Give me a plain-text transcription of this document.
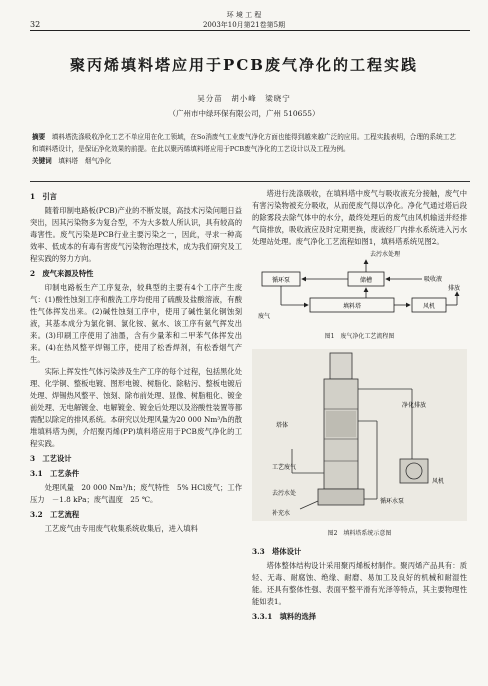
32
环 境 工 程
2003年10月第21卷第5期
聚丙烯填料塔应用于PCB废气净化的工程实践
吴分苗　胡小峰　梁晓宁
（广州市中绿环保有限公司，广州 510655）

摘要　 填料塔洗涤吸收净化工艺不单应用在化工领域，在So消废气工业废气净化方面也能得到越来越广泛的应用。工程实践表明，合理的系统工艺和填料塔设计，是保证净化效果的前提。在此以聚丙烯填料塔应用于PCB废气净化的工艺设计以及工程为例。

关键词　 填料塔　烟气净化

1　引言

随着印制电路板(PCB)产业的不断发展，高技术污染问题日益突出，因其污染物多为复合型，不为大多数人所认识，具有较高的毒害性。废气污染是PCB行业主要污染之一，因此，寻求一种高效率、低成本的有毒有害废气污染物治理技术，成为我们研究及工程实践的努力方向。

2　废气来源及特性

印制电路板生产工序复杂，较典型的主要有4个工序产生废气：(1)酸性蚀刻工序和酸洗工序均使用了硫酸及盐酸溶液，有酸性气体挥发出来。(2)碱性蚀刻工序中，使用了碱性氯化铜蚀刻液，其基本成分为氯化铜、氯化铵、氨水、该工序有氨气挥发出来。(3)印刷工序使用了油墨，含有少量苯和二甲苯气体挥发出来。(4)在热风整平焊锡工序，使用了松香焊剂，有松香烟气产生。

实际上挥发性气体污染涉及生产工序的每个过程，包括黑化处理、化学铜、整板电镀、图形电镀、树脂化、除粘污、整板电镀后处理、焊锡热风整平、蚀刻、除布前处理、显像、树脂粗化、镀金前处理、无电解镀金、电解镀金、镀金后处理以及浴酸性装置等都需配以除定的排风系统。本研究以处理风量为20 000 Nm³/h的散堆填料塔为例，介绍聚丙烯(PP)填料塔应用于PCB废气净化的工程实践。

3　工艺设计
3.1　工艺条件

处理风量　20 000 Nm³/h；废气特性　5% HCl废气；工作压力　－1.8 kPa；废气温度　25 ℃。

3.2　工艺流程

工艺废气由专用废气收集系统收集后，进入填料

塔进行洗涤吸收，在填料塔中废气与吸收液充分接触，废气中有害污染物被充分吸收，从而使废气得以净化。净化气通过塔后段的除雾段去除气体中的水分，最终处理后的废气由风机输送并经排气筒排放，吸收液应及时定期更换，废液经厂内排水系统进入污水处理站处理。废气净化工艺流程如图1，填料塔系统见图2。

去污水处理
循环泵	储槽	吸收液
填料塔
废气
风机
排放
图1　废气净化工艺流程图
净化排放
工艺废气
循环水泵
去污水处
补充水
风机
塔体
图2　填料塔系统示意图
3.3　塔体设计

塔体整体结构设计采用聚丙烯板材制作。聚丙烯产品具有：质轻、无毒、耐腐蚀、绝缘、耐磨、易加工及良好的机械和耐湿性能。还具有整体性强、表面平整平滑有光泽等特点，其主要物理性能如表1。

3.3.1　填料的选择
